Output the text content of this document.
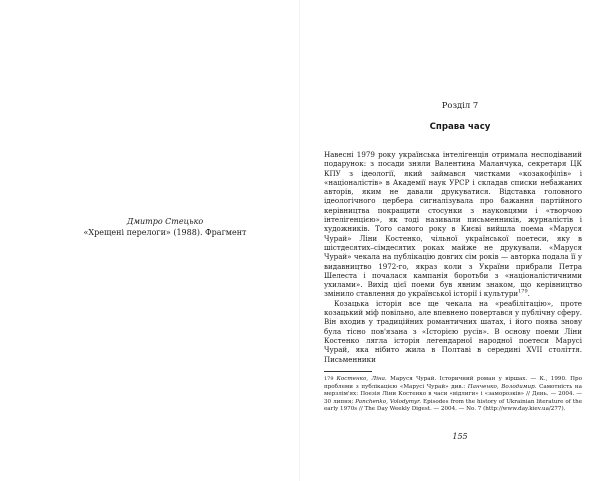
Дмитро Стецько
«Хрещені перелоги» (1988). Фрагмент
Розділ 7
Справа часу

Навесні 1979 року українська інтелігенція отримала несподіваний подарунок: з посади зняли Валентина Маланчука, секретаря ЦК КПУ з ідеології, який займався чистками «козакофілів» і «націоналістів» в Академії наук УРСР і складав списки небажаних авторів, яким не давали друкуватися. Відставка головного ідеологічного цербера сигналізувала про бажання партійного керівництва покращити стосунки з науковцями і «творчою інтелігенцією», як тоді називали письменників, журналістів і художників. Того самого року в Києві вийшла поема «Маруся Чурай» Ліни Костенко, чільної української поетеси, яку в шістдесятих–сімдесятих роках майже не друкували. «Маруся Чурай» чекала на публікацію довгих сім років — авторка подала її у видавництво 1972-го, якраз коли з України прибрали Петра Шелеста і почалася кампанія боротьби з «націоналістичними ухилами». Вихід цієї поеми був явним знаком, що керівництво змінило ставлення до української історії і культури$^{179}$.

Козацька історія все ще чекала на «реабілітацію», проте козацький міф повільно, але впевнено повертався у публічну сферу. Він входив у традиційних романтичних шатах, і його поява знову була тісно пов'язана з «Історією русів». В основу поеми Ліни Костенко лягла історія легендарної народної поетеси Марусі Чурай, яка нібито жила в Полтаві в середині XVII століття. Письменники

179 Костенко, Ліна. Маруся Чурай. Історичний роман у віршах. — К., 1990. Про проблеми з публікацією «Марусі Чурай» див.: Панченко, Володимир. Самотність на мерзлім'ях: Поезія Ліни Костенко в часи «відлиги» і «заморозків» // День. — 2004. — 30 липня; Panchenko, Volodymyr. Episodes from the history of Ukrainian literature of the early 1970s // The Day Weekly Digest. — 2004. — No. 7 (http://www.day.kiev.ua/277).
155
